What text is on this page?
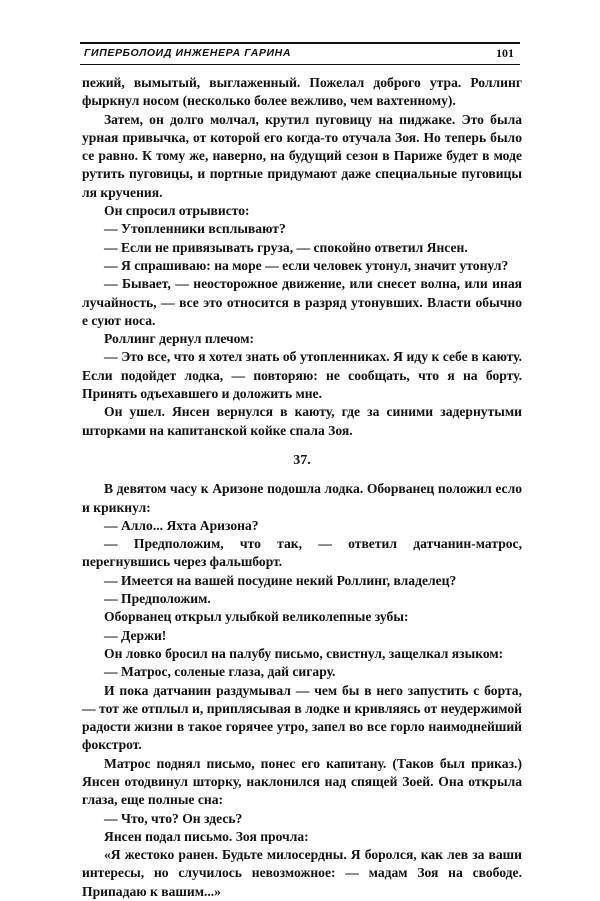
ГИПЕРБОЛОИД ИНЖЕНЕРА ГАРИНА	101

пежий, вымытый, выглаженный. Пожелал доброго утра. Роллинг фыркнул носом (несколько более вежливо, чем вахтенному).

Затем, он долго молчал, крутил пуговицу на пиджаке. Это была урная привычка, от которой его когда-то отучала Зоя. Но теперь было се равно. К тому же, наверно, на будущий сезон в Париже будет в моде рутить пуговицы, и портные придумают даже специальные пуговицы ля кручения.

Он спросил отрывисто:

— Утопленники всплывают?

— Если не привязывать груза, — спокойно ответил Янсен.

— Я спрашиваю: на море — если человек утонул, значит утонул?

— Бывает, — неосторожное движение, или снесет волна, или иная лучайность, — все это относится в разряд утонувших. Власти обычно е суют носа.

Роллинг дернул плечом:

— Это все, что я хотел знать об утопленниках. Я иду к себе в каюту. Если подойдет лодка, — повторяю: не сообщать, что я на борту. Принять одъехавшего и доложить мне.

Он ушел. Янсен вернулся в каюту, где за синими задернутыми шторками на капитанской койке спала Зоя.

37.

В девятом часу к Аризоне подошла лодка. Оборванец положил есло и крикнул:

— Алло... Яхта Аризона?

— Предположим, что так, — ответил датчанин-матрос, перегнувшись через фальшборт.

— Имеется на вашей посудине некий Роллинг, владелец?

— Предположим.

Оборванец открыл улыбкой великолепные зубы:

— Держи!

Он ловко бросил на палубу письмо, свистнул, защелкал языком:

— Матрос, соленые глаза, дай сигару.

И пока датчанин раздумывал — чем бы в него запустить с борта, — тот же отплыл и, приплясывая в лодке и кривляясь от неудержимой радости жизни в такое горячее утро, запел во все горло наимоднейший фокстрот.

Матрос поднял письмо, понес его капитану. (Таков был приказ.) Янсен отодвинул шторку, наклонился над спящей Зоей. Она открыла глаза, еще полные сна:

— Что, что? Он здесь?

Янсен подал письмо. Зоя прочла:

«Я жестоко ранен. Будьте милосердны. Я боролся, как лев за ваши интересы, но случилось невозможное: — мадам Зоя на свободе. Припадаю к вашим...»
